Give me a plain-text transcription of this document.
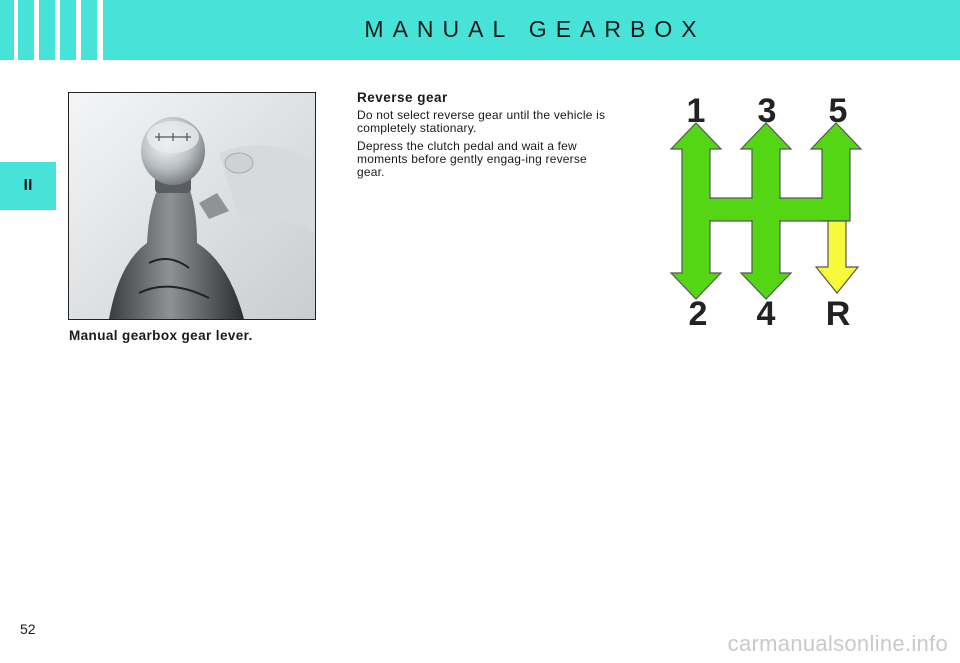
MANUAL GEARBOX
II
Manual gearbox gear lever.

Reverse gear

Do not select reverse gear until the vehicle is completely stationary.

Depress the clutch pedal and wait a few moments before gently engag-ing reverse gear.

1 3 5
2 4 R
52
carmanualsonline.info
